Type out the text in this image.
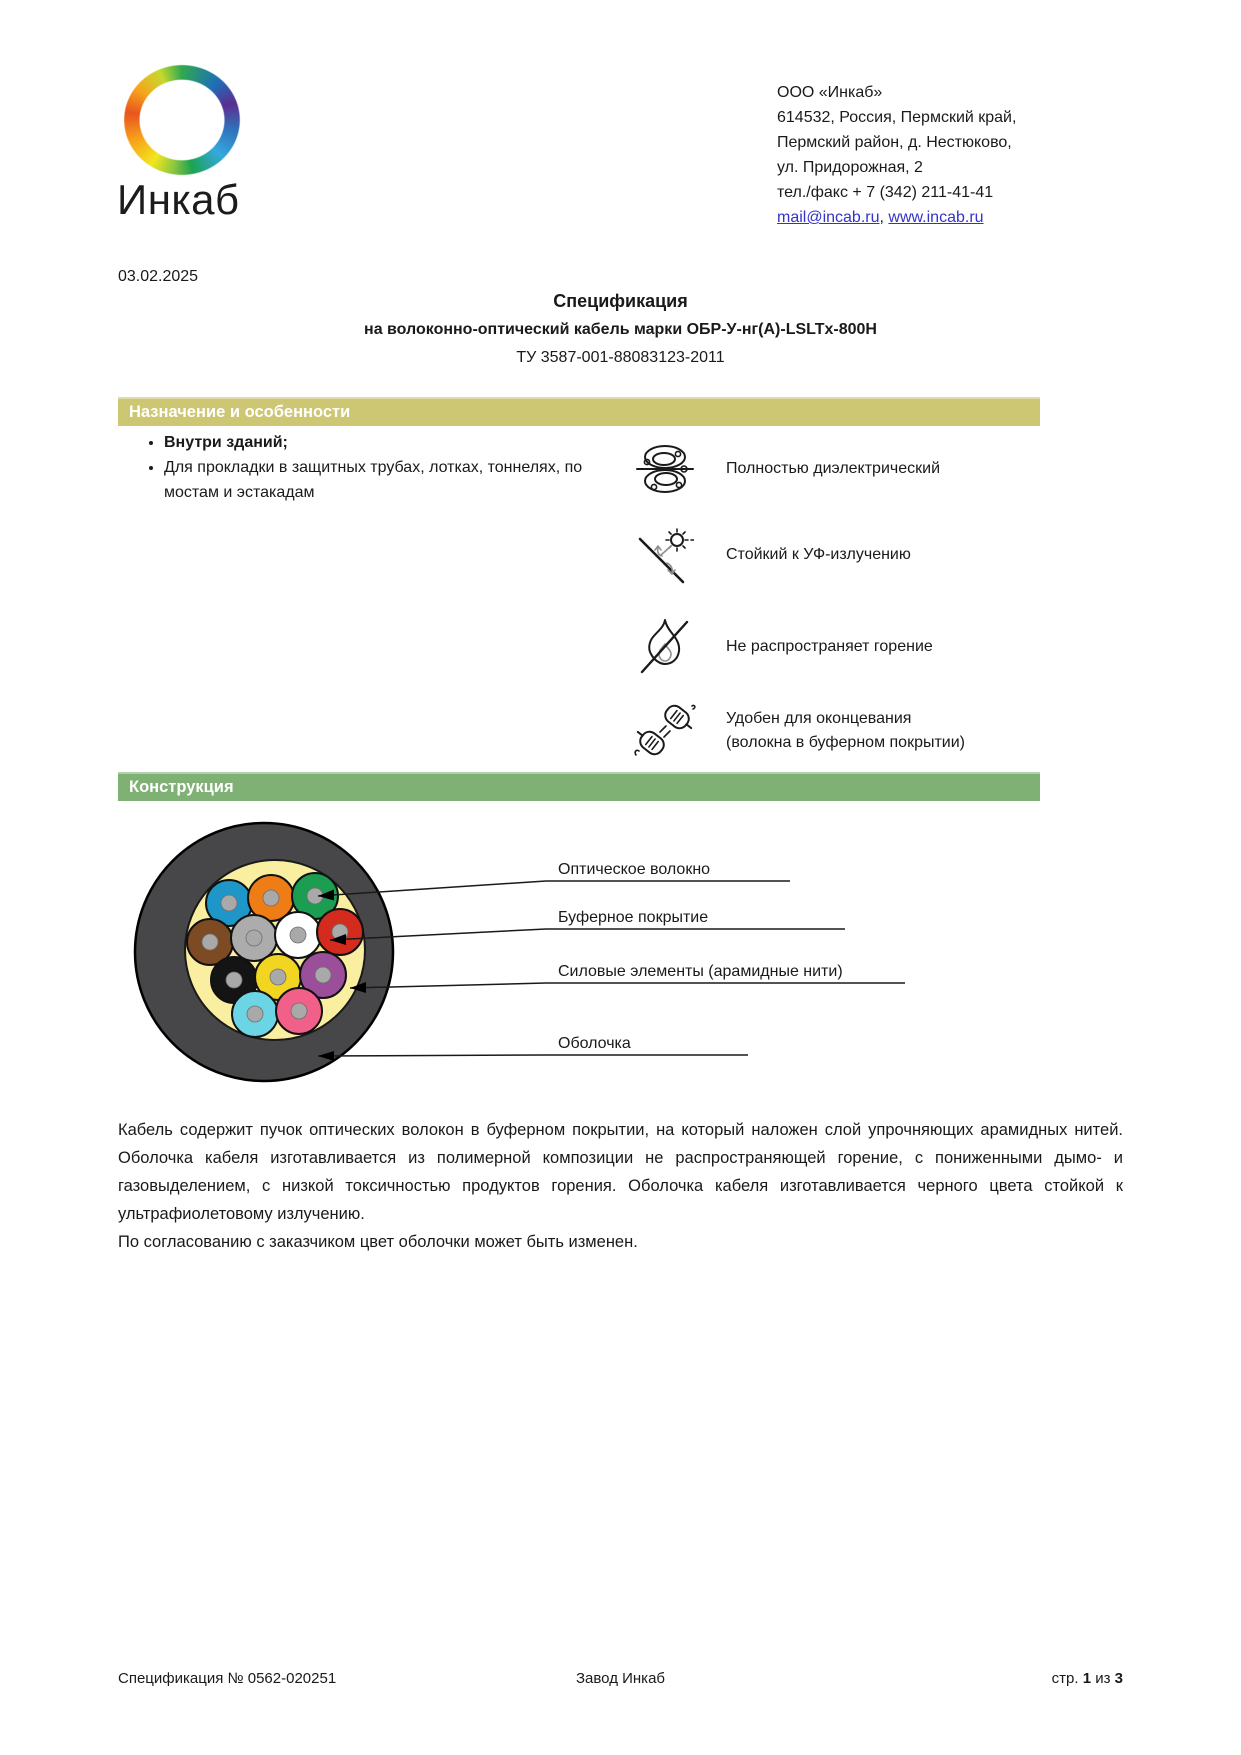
Инкаб
ООО «Инкаб»
614532, Россия, Пермский край,
Пермский район, д. Нестюково,
ул. Придорожная, 2
тел./факс + 7 (342) 211-41-41
mail@incab.ru, www.incab.ru
03.02.2025
Спецификация
на волоконно-оптический кабель марки ОБР-У-нг(А)-LSLTx-800Н
ТУ 3587-001-88083123-2011
Назначение и особенности
• Внутри зданий;
• Для прокладки в защитных трубах, лотках, тоннелях, по мостам и эстакадам
Полностью диэлектрический
Стойкий к УФ-излучению
Не распространяет горение
Удобен для оконцевания
(волокна в буферном покрытии)
Конструкция
Оптическое волокно
Буферное покрытие
Силовые элементы (арамидные нити)
Оболочка

Кабель содержит пучок оптических волокон в буферном покрытии, на который наложен слой упрочняющих арамидных нитей. Оболочка кабеля изготавливается из полимерной композиции не распространяющей горение, с пониженными дымо- и газовыделением, с низкой токсичностью продуктов горения. Оболочка кабеля изготавливается черного цвета стойкой к ультрафиолетовому излучению.

По согласованию с заказчиком цвет оболочки может быть изменен.

Спецификация № 0562-020251	Завод Инкаб	стр. 1 из 3
